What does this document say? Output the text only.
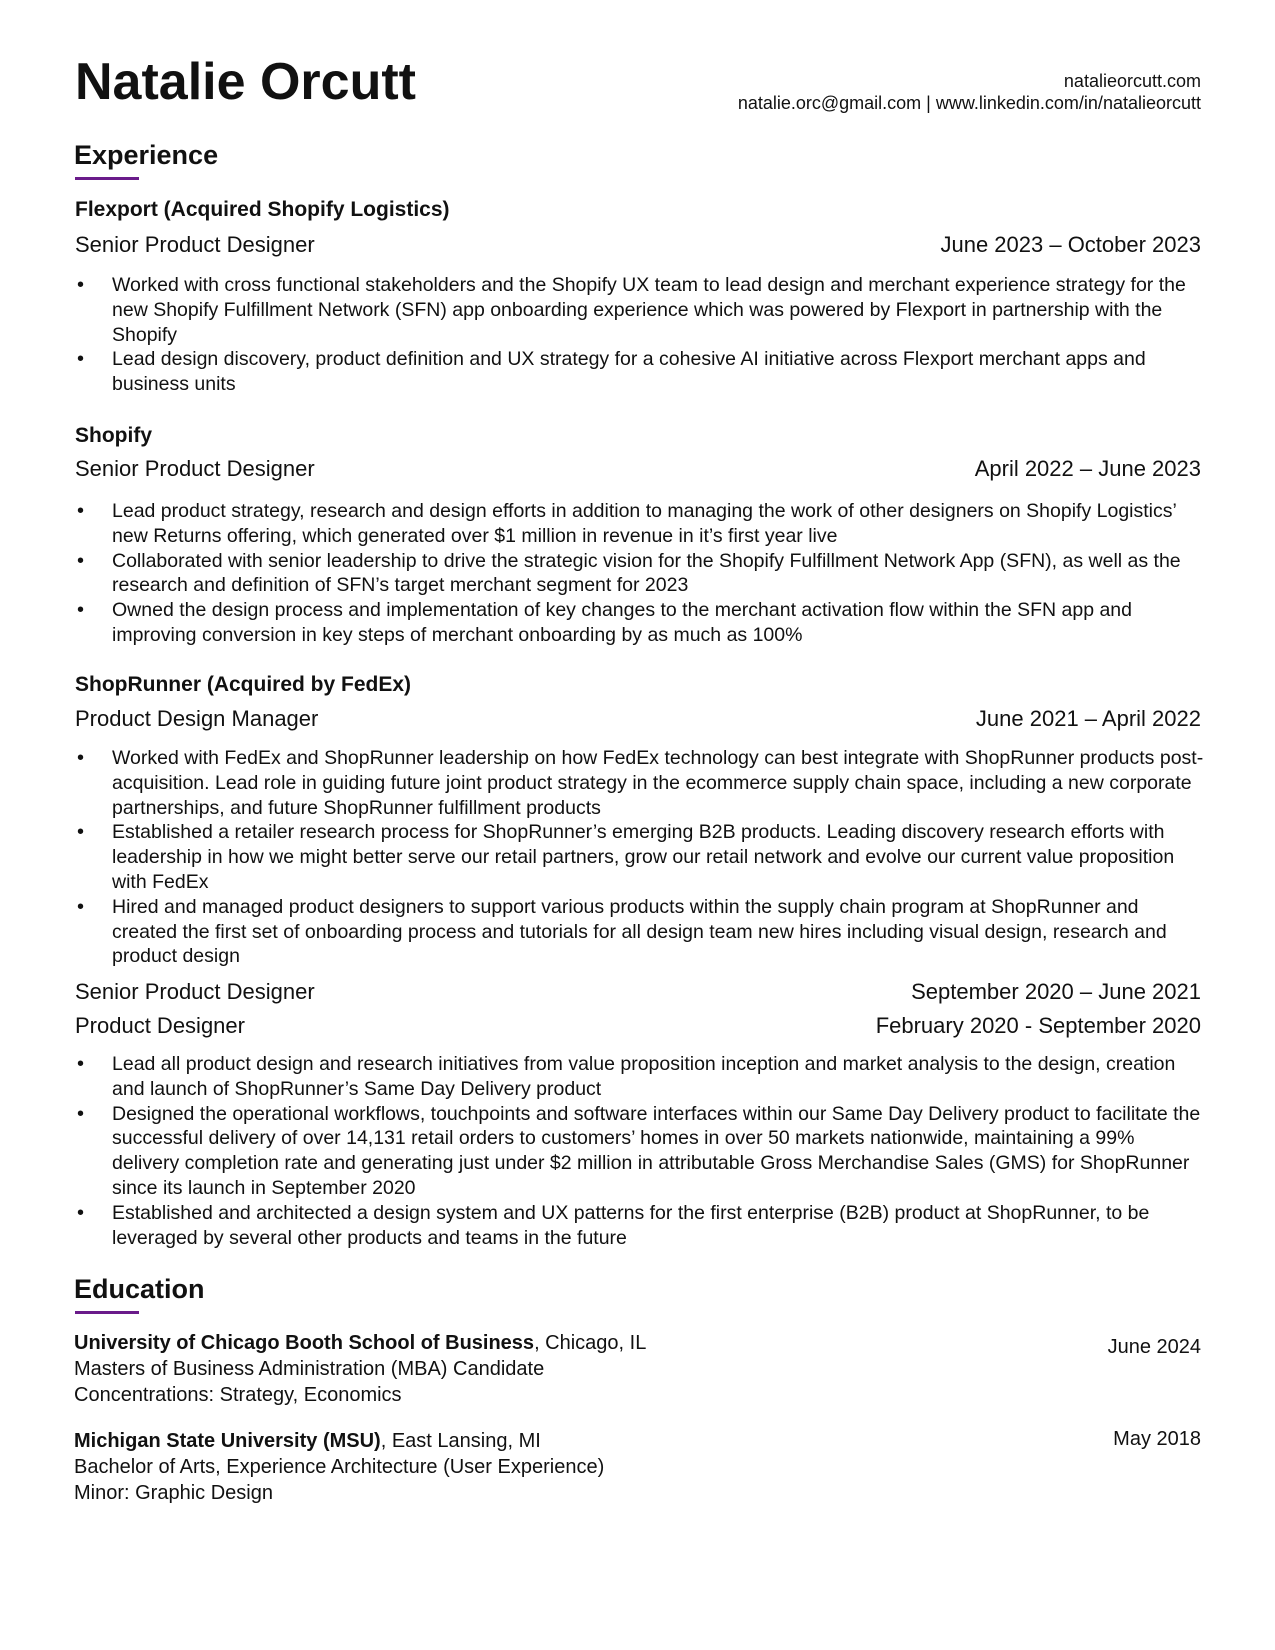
Natalie Orcutt	natalieorcutt.com
natalie.orc@gmail.com | www.linkedin.com/in/natalieorcutt
Experience
Flexport (Acquired Shopify Logistics)
Senior Product Designer	June 2023 – October 2023
• Worked with cross functional stakeholders and the Shopify UX team to lead design and merchant experience strategy for the new Shopify Fulfillment Network (SFN) app onboarding experience which was powered by Flexport in partnership with the Shopify
• Lead design discovery, product definition and UX strategy for a cohesive AI initiative across Flexport merchant apps and business units
Shopify
Senior Product Designer	April 2022 – June 2023
• Lead product strategy, research and design efforts in addition to managing the work of other designers on Shopify Logistics’ new Returns offering, which generated over $1 million in revenue in it’s first year live
• Collaborated with senior leadership to drive the strategic vision for the Shopify Fulfillment Network App (SFN), as well as the research and definition of SFN’s target merchant segment for 2023
• Owned the design process and implementation of key changes to the merchant activation flow within the SFN app and improving conversion in key steps of merchant onboarding by as much as 100%
ShopRunner (Acquired by FedEx)
Product Design Manager	June 2021 – April 2022
• Worked with FedEx and ShopRunner leadership on how FedEx technology can best integrate with ShopRunner products post-acquisition. Lead role in guiding future joint product strategy in the ecommerce supply chain space, including a new corporate partnerships, and future ShopRunner fulfillment products
• Established a retailer research process for ShopRunner’s emerging B2B products. Leading discovery research efforts with leadership in how we might better serve our retail partners, grow our retail network and evolve our current value proposition with FedEx
• Hired and managed product designers to support various products within the supply chain program at ShopRunner and created the first set of onboarding process and tutorials for all design team new hires including visual design, research and product design
Senior Product Designer	September 2020 – June 2021
Product Designer	February 2020 - September 2020
• Lead all product design and research initiatives from value proposition inception and market analysis to the design, creation and launch of ShopRunner’s Same Day Delivery product
• Designed the operational workflows, touchpoints and software interfaces within our Same Day Delivery product to facilitate the successful delivery of over 14,131 retail orders to customers’ homes in over 50 markets nationwide, maintaining a 99% delivery completion rate and generating just under $2 million in attributable Gross Merchandise Sales (GMS) for ShopRunner since its launch in September 2020
• Established and architected a design system and UX patterns for the first enterprise (B2B) product at ShopRunner, to be leveraged by several other products and teams in the future
Education
University of Chicago Booth School of Business, Chicago, IL
Masters of Business Administration (MBA) Candidate
Concentrations: Strategy, Economics
June 2024
Michigan State University (MSU), East Lansing, MI
Bachelor of Arts, Experience Architecture (User Experience)
Minor: Graphic Design
May 2018
